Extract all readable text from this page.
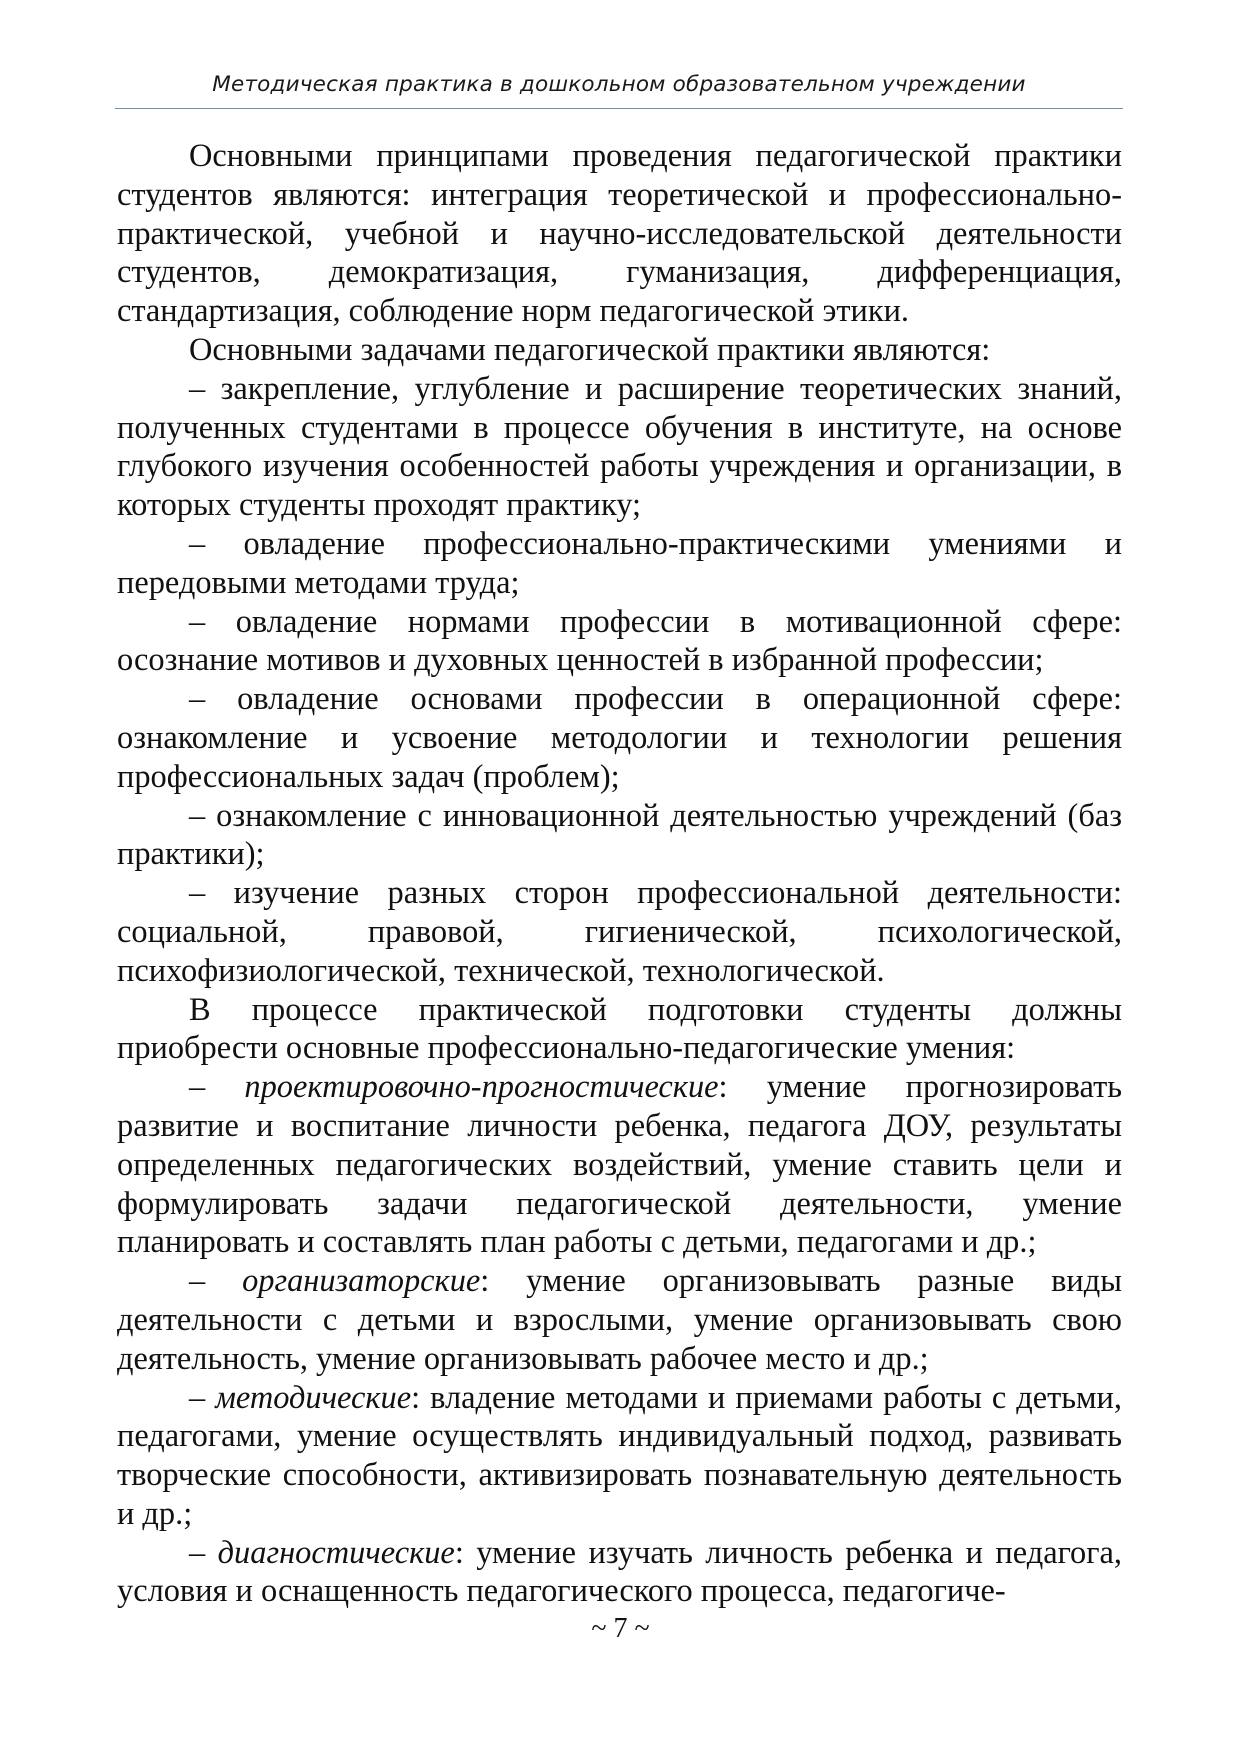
Методическая практика в дошкольном образовательном учреждении

Основными принципами проведения педагогической практики студентов являются: интеграция теоретической и профессионально-практической, учебной и научно-исследовательской деятельности студентов, демократизация, гуманизация, дифференциация, стандартизация, соблюдение норм педагогической этики.

Основными задачами педагогической практики являются:

– закрепление, углубление и расширение теоретических знаний, полученных студентами в процессе обучения в институте, на основе глубокого изучения особенностей работы учреждения и организации, в которых студенты проходят практику;

– овладение профессионально-практическими умениями и передовыми методами труда;

– овладение нормами профессии в мотивационной сфере: осознание мотивов и духовных ценностей в избранной профессии;

– овладение основами профессии в операционной сфере: ознакомление и усвоение методологии и технологии решения профессиональных задач (проблем);

– ознакомление с инновационной деятельностью учреждений (баз практики);

– изучение разных сторон профессиональной деятельности: социальной, правовой, гигиенической, психологической, психофизиологической, технической, технологической.

В процессе практической подготовки студенты должны приобрести основные профессионально-педагогические умения:

– проектировочно-прогностические: умение прогнозировать развитие и воспитание личности ребенка, педагога ДОУ, результаты определенных педагогических воздействий, умение ставить цели и формулировать задачи педагогической деятельности, умение планировать и составлять план работы с детьми, педагогами и др.;

– организаторские: умение организовывать разные виды деятельности с детьми и взрослыми, умение организовывать свою деятельность, умение организовывать рабочее место и др.;

– методические: владение методами и приемами работы с детьми, педагогами, умение осуществлять индивидуальный подход, развивать творческие способности, активизировать познавательную деятельность и др.;

– диагностические: умение изучать личность ребенка и педагога, условия и оснащенность педагогического процесса, педагогиче-

~ 7 ~
